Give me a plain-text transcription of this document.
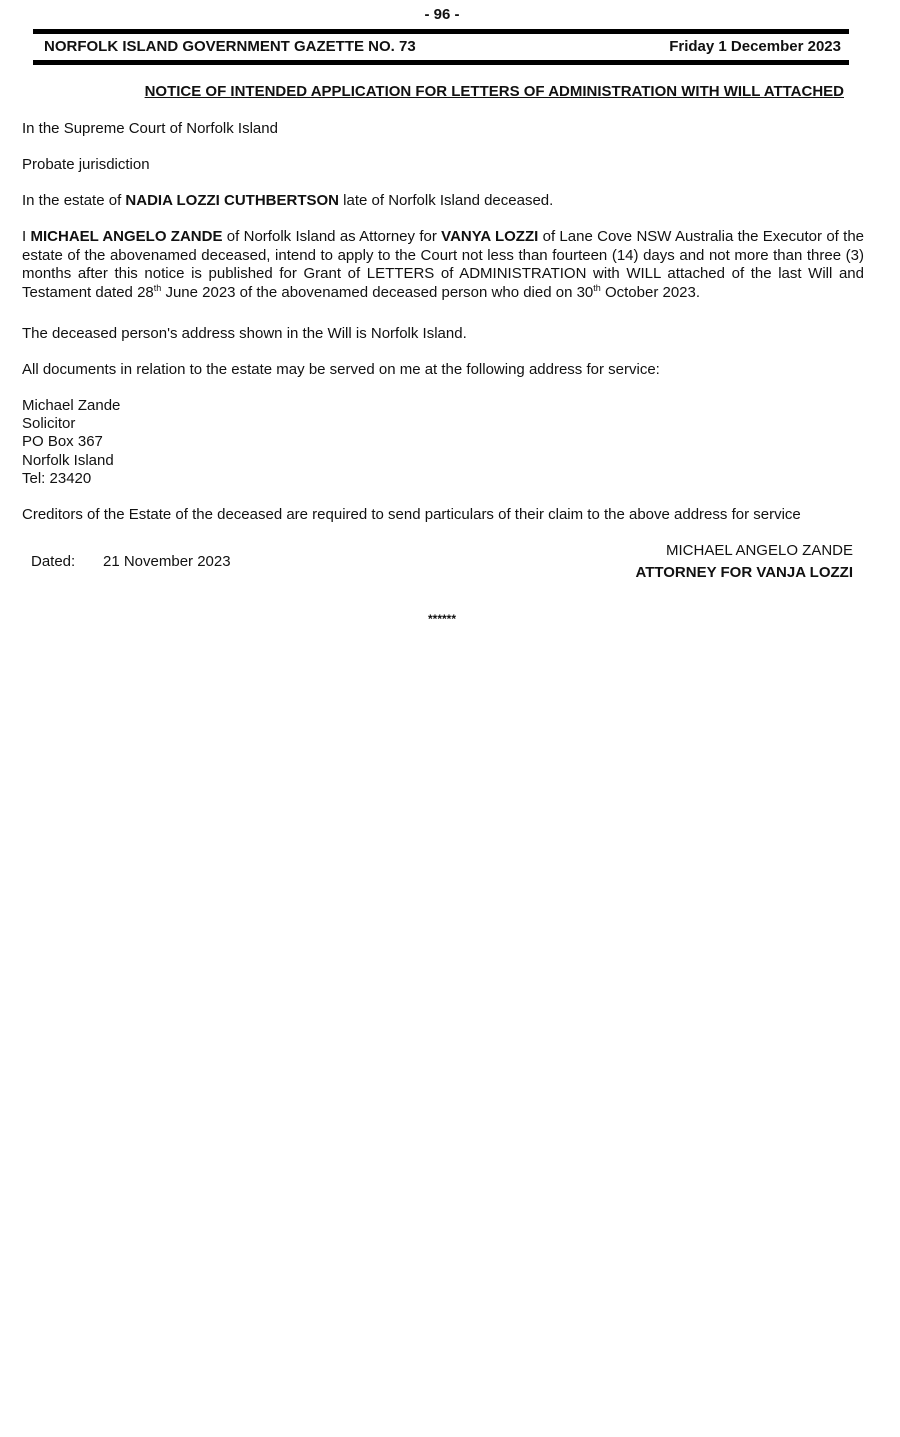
- 96 -
NORFOLK ISLAND GOVERNMENT GAZETTE NO. 73	Friday 1 December 2023
NOTICE OF INTENDED APPLICATION FOR LETTERS OF ADMINISTRATION WITH WILL ATTACHED
In the Supreme Court of Norfolk Island
Probate jurisdiction
In the estate of NADIA LOZZI CUTHBERTSON late of Norfolk Island deceased.
I MICHAEL ANGELO ZANDE of Norfolk Island as Attorney for VANYA LOZZI of Lane Cove NSW Australia the Executor of the estate of the abovenamed deceased, intend to apply to the Court not less than fourteen (14) days and not more than three (3) months after this notice is published for Grant of LETTERS of ADMINISTRATION with WILL attached of the last Will and Testament dated 28th June 2023 of the abovenamed deceased person who died on 30th October 2023.
The deceased person's address shown in the Will is Norfolk Island.
All documents in relation to the estate may be served on me at the following address for service:
Michael Zande
Solicitor
PO Box 367
Norfolk Island
Tel: 23420
Creditors of the Estate of the deceased are required to send particulars of their claim to the above address for service
Dated: 21 November 2023
MICHAEL ANGELO ZANDE
ATTORNEY FOR VANJA LOZZI
******
